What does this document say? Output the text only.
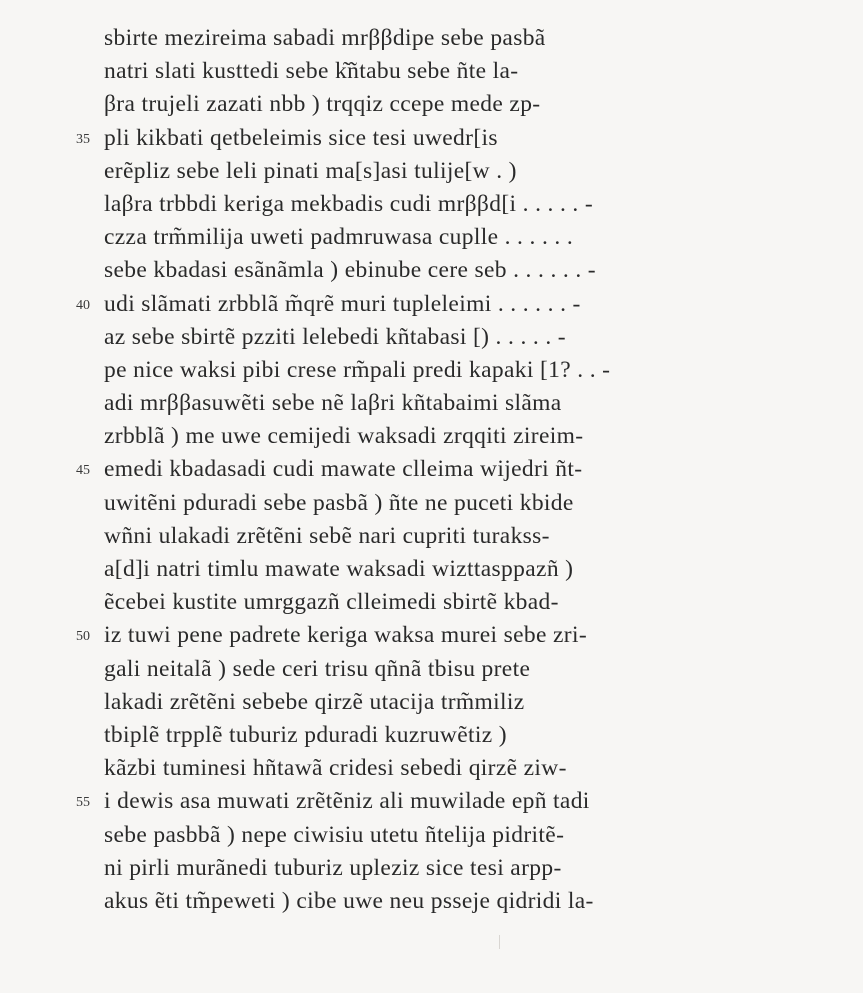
sbirte mezireima sabadi mrββdipe sebe pasbã
natri slati kusttedi sebe k͂ñtabu sebe ñte la-
βra trujeli zazati nbb ) trqqiz ccepe mede zp-
35 pli kikbati qetbeleimis sice tesi uwedr[is
erẽpliz sebe leli pinati ma[s]asi tulije[w . )
laβra trbbdi keriga mekbadis cudi mrββd[i . . . . . -
czza trm̃milija uweti padmruwasa cuplle . . . . . .
sebe kbadasi esãnãmla ) ebinube cere seb . . . . . . -
40 udi slãmati zrbblã m̃qrẽ muri tupleleimi . . . . . . -
az sebe sbirtẽ pzziti lelebedi kñtabasi [) . . . . . -
pe nice waksi pibi crese rm̃pali predi kapaki [1? . . -
adi mrββasuwẽti sebe nẽ laβri kñtabaimi slãma
zrbblã ) me uwe cemijedi waksadi zrqqiti zireim-
45 emedi kbadasadi cudi mawate clleima wijedri ñt-
uwitẽni pduradi sebe pasbã ) ñte ne puceti kbide
wñni ulakadi zrẽtẽni sebẽ nari cupriti turakss-
a[d]i natri timlu mawate waksadi wizttasppazñ )
ẽcebei kustite umrggazñ clleimedi sbirtẽ kbad-
50 iz tuwi pene padrete keriga waksa murei sebe zri-
gali neitalã ) sede ceri trisu qñnã tbisu prete
lakadi zrẽtẽni sebebe qirzẽ utacija trm̃miliz
tbiplẽ trpplẽ tuburiz pduradi kuzruwẽtiz )
kãzbi tuminesi hñtawã cridesi sebedi qirzẽ ziw-
55 i dewis asa muwati zrẽtẽniz ali muwilade epñ tadi
sebe pasbbã ) nepe ciwisiu utetu ñtelija pidritẽ-
ni pirli murãnedi tuburiz upleziz sice tesi arpp-
akus ẽti tm̃peweti ) cibe uwe neu psseje qidridi la-
